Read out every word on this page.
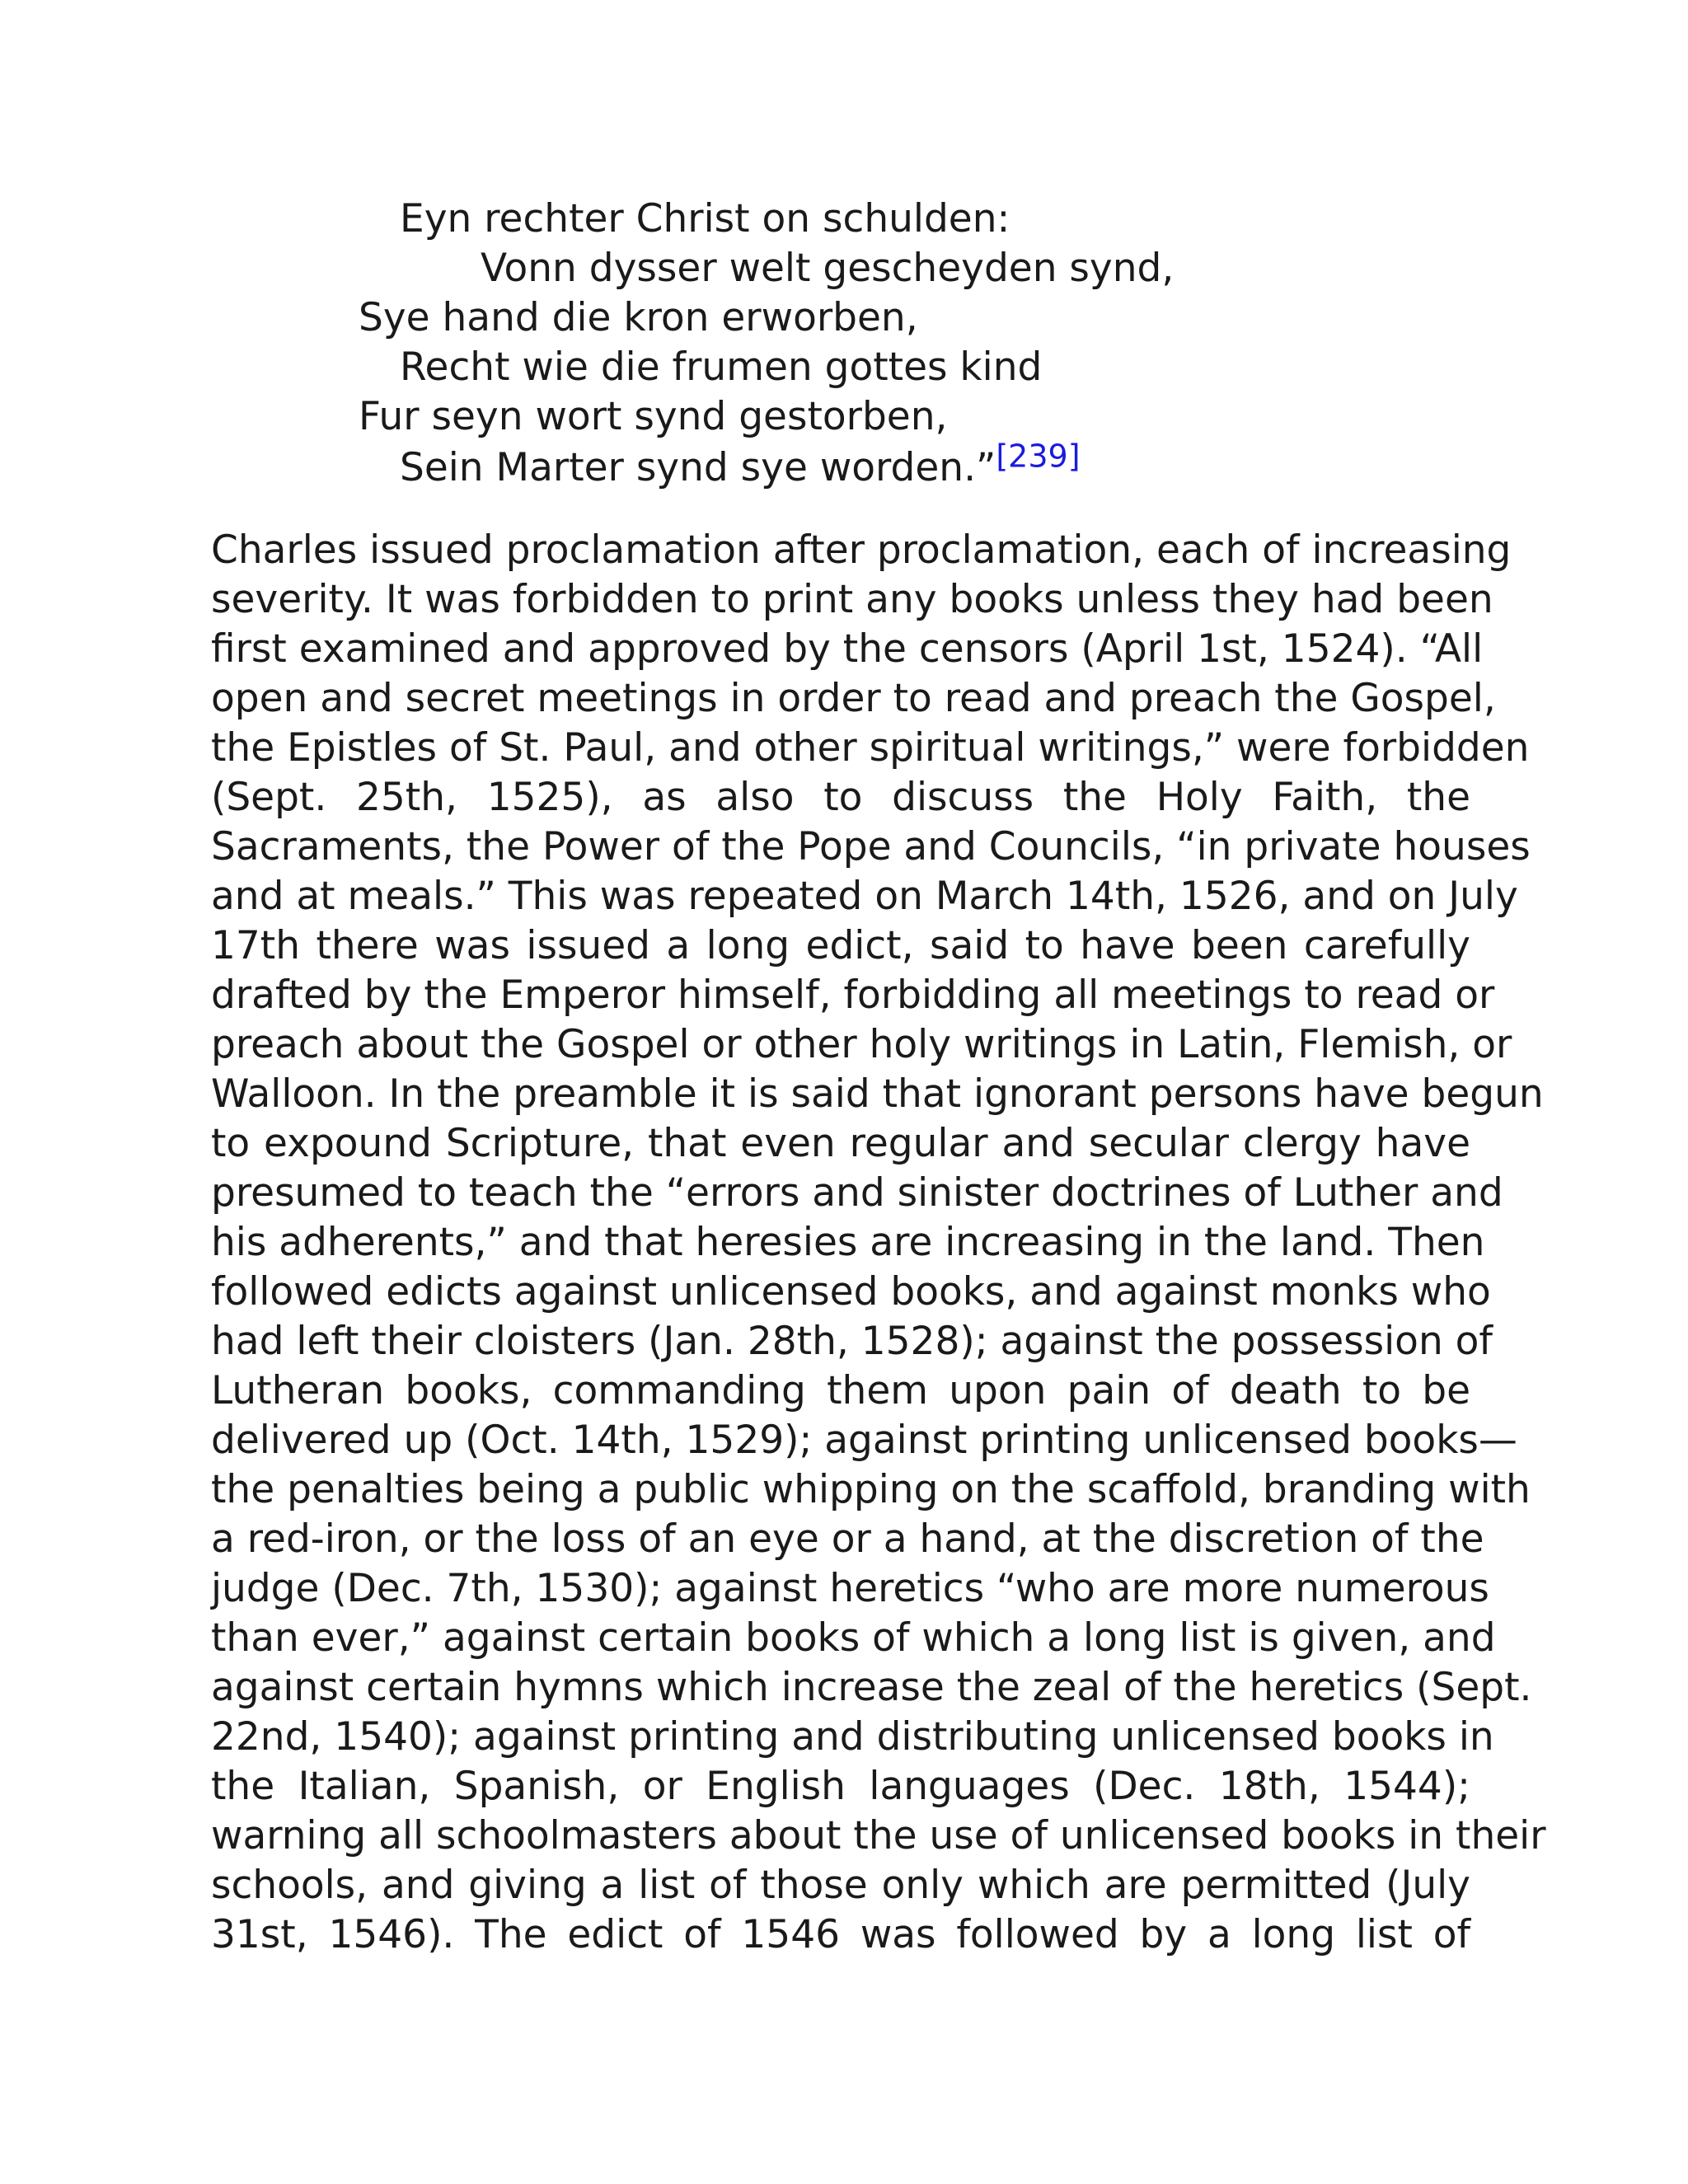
Eyn rechter Christ on schulden:
Vonn dysser welt gescheyden synd,
Sye hand die kron erworben,
Recht wie die frumen gottes kind
Fur seyn wort synd gestorben,
Sein Marter synd sye worden.”[239]
Charles issued proclamation after proclamation, each of increasing
severity. It was forbidden to print any books unless they had been
first examined and approved by the censors (April 1st, 1524). “All
open and secret meetings in order to read and preach the Gospel,
the Epistles of St. Paul, and other spiritual writings,” were forbidden
(Sept. 25th, 1525), as also to discuss the Holy Faith, the
Sacraments, the Power of the Pope and Councils, “in private houses
and at meals.” This was repeated on March 14th, 1526, and on July
17th there was issued a long edict, said to have been carefully
drafted by the Emperor himself, forbidding all meetings to read or
preach about the Gospel or other holy writings in Latin, Flemish, or
Walloon. In the preamble it is said that ignorant persons have begun
to expound Scripture, that even regular and secular clergy have
presumed to teach the “errors and sinister doctrines of Luther and
his adherents,” and that heresies are increasing in the land. Then
followed edicts against unlicensed books, and against monks who
had left their cloisters (Jan. 28th, 1528); against the possession of
Lutheran books, commanding them upon pain of death to be
delivered up (Oct. 14th, 1529); against printing unlicensed books—
the penalties being a public whipping on the scaffold, branding with
a red-iron, or the loss of an eye or a hand, at the discretion of the
judge (Dec. 7th, 1530); against heretics “who are more numerous
than ever,” against certain books of which a long list is given, and
against certain hymns which increase the zeal of the heretics (Sept.
22nd, 1540); against printing and distributing unlicensed books in
the Italian, Spanish, or English languages (Dec. 18th, 1544);
warning all schoolmasters about the use of unlicensed books in their
schools, and giving a list of those only which are permitted (July
31st, 1546). The edict of 1546 was followed by a long list of
